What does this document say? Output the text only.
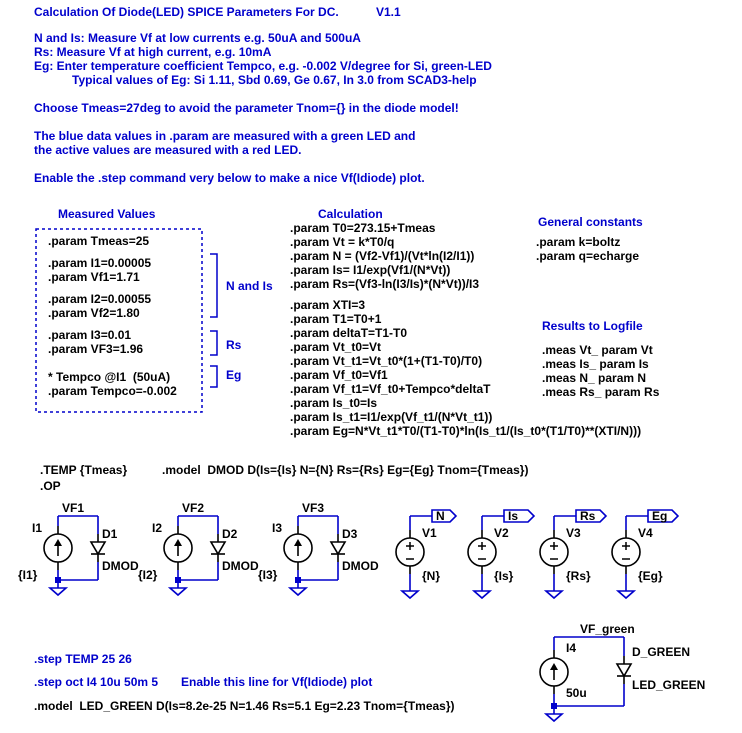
Calculation Of Diode(LED) SPICE Parameters For DC.	V1.1
N and Is: Measure Vf at low currents e.g. 50uA and 500uA
Rs: Measure Vf at high current, e.g. 10mA
Eg: Enter temperature coefficient Tempco, e.g. -0.002 V/degree for Si, green-LED
Typical values of Eg: Si 1.11, Sbd 0.69, Ge 0.67, In 3.0 from SCAD3-help
Choose Tmeas=27deg to avoid the parameter Tnom={} in the diode model!
The blue data values in .param are measured with a green LED and
the active values are measured with a red LED.
Enable the .step command very below to make a nice Vf(Idiode) plot.
Measured Values
.param Tmeas=25
.param I1=0.00005
.param Vf1=1.71
.param I2=0.00055
.param Vf2=1.80
.param I3=0.01
.param VF3=1.96
* Tempco @I1  (50uA)
.param Tempco=-0.002
N and Is
Rs
Eg
Calculation
.param T0=273.15+Tmeas
.param Vt = k*T0/q
.param N = (Vf2-Vf1)/(Vt*ln(I2/I1))
.param Is= I1/exp(Vf1/(N*Vt))
.param Rs=(Vf3-ln(I3/Is)*(N*Vt))/I3
.param XTI=3
.param T1=T0+1
.param deltaT=T1-T0
.param Vt_t0=Vt
.param Vt_t1=Vt_t0*(1+(T1-T0)/T0)
.param Vf_t0=Vf1
.param Vf_t1=Vf_t0+Tempco*deltaT
.param Is_t0=Is
.param Is_t1=I1/exp(Vf_t1/(N*Vt_t1))
.param Eg=N*Vt_t1*T0/(T1-T0)*ln(Is_t1/(Is_t0*(T1/T0)**(XTI/N)))
General constants
.param k=boltz
.param q=echarge
Results to Logfile
.meas Vt_ param Vt
.meas Is_ param Is
.meas N_ param N
.meas Rs_ param Rs
.TEMP {Tmeas}	.model  DMOD D(Is={Is} N={N} Rs={Rs} Eg={Eg} Tnom={Tmeas})
.OP
.step TEMP 25 26
.step oct I4 10u 50m 5 Enable this line for Vf(Idiode) plot
.model  LED_GREEN D(Is=8.2e-25 N=1.46 Rs=5.1 Eg=2.23 Tnom={Tmeas})
VF1
I1
{I1}
D1
DMOD
VF2
I2
{I2}
D2
DMOD
VF3
I3
{I3}
D3
DMOD
N
V1
{N}
Is
V2
{Is}
Rs
V3
{Rs}
Eg
V4
{Eg}
VF_green
I4
50u
D_GREEN
LED_GREEN
